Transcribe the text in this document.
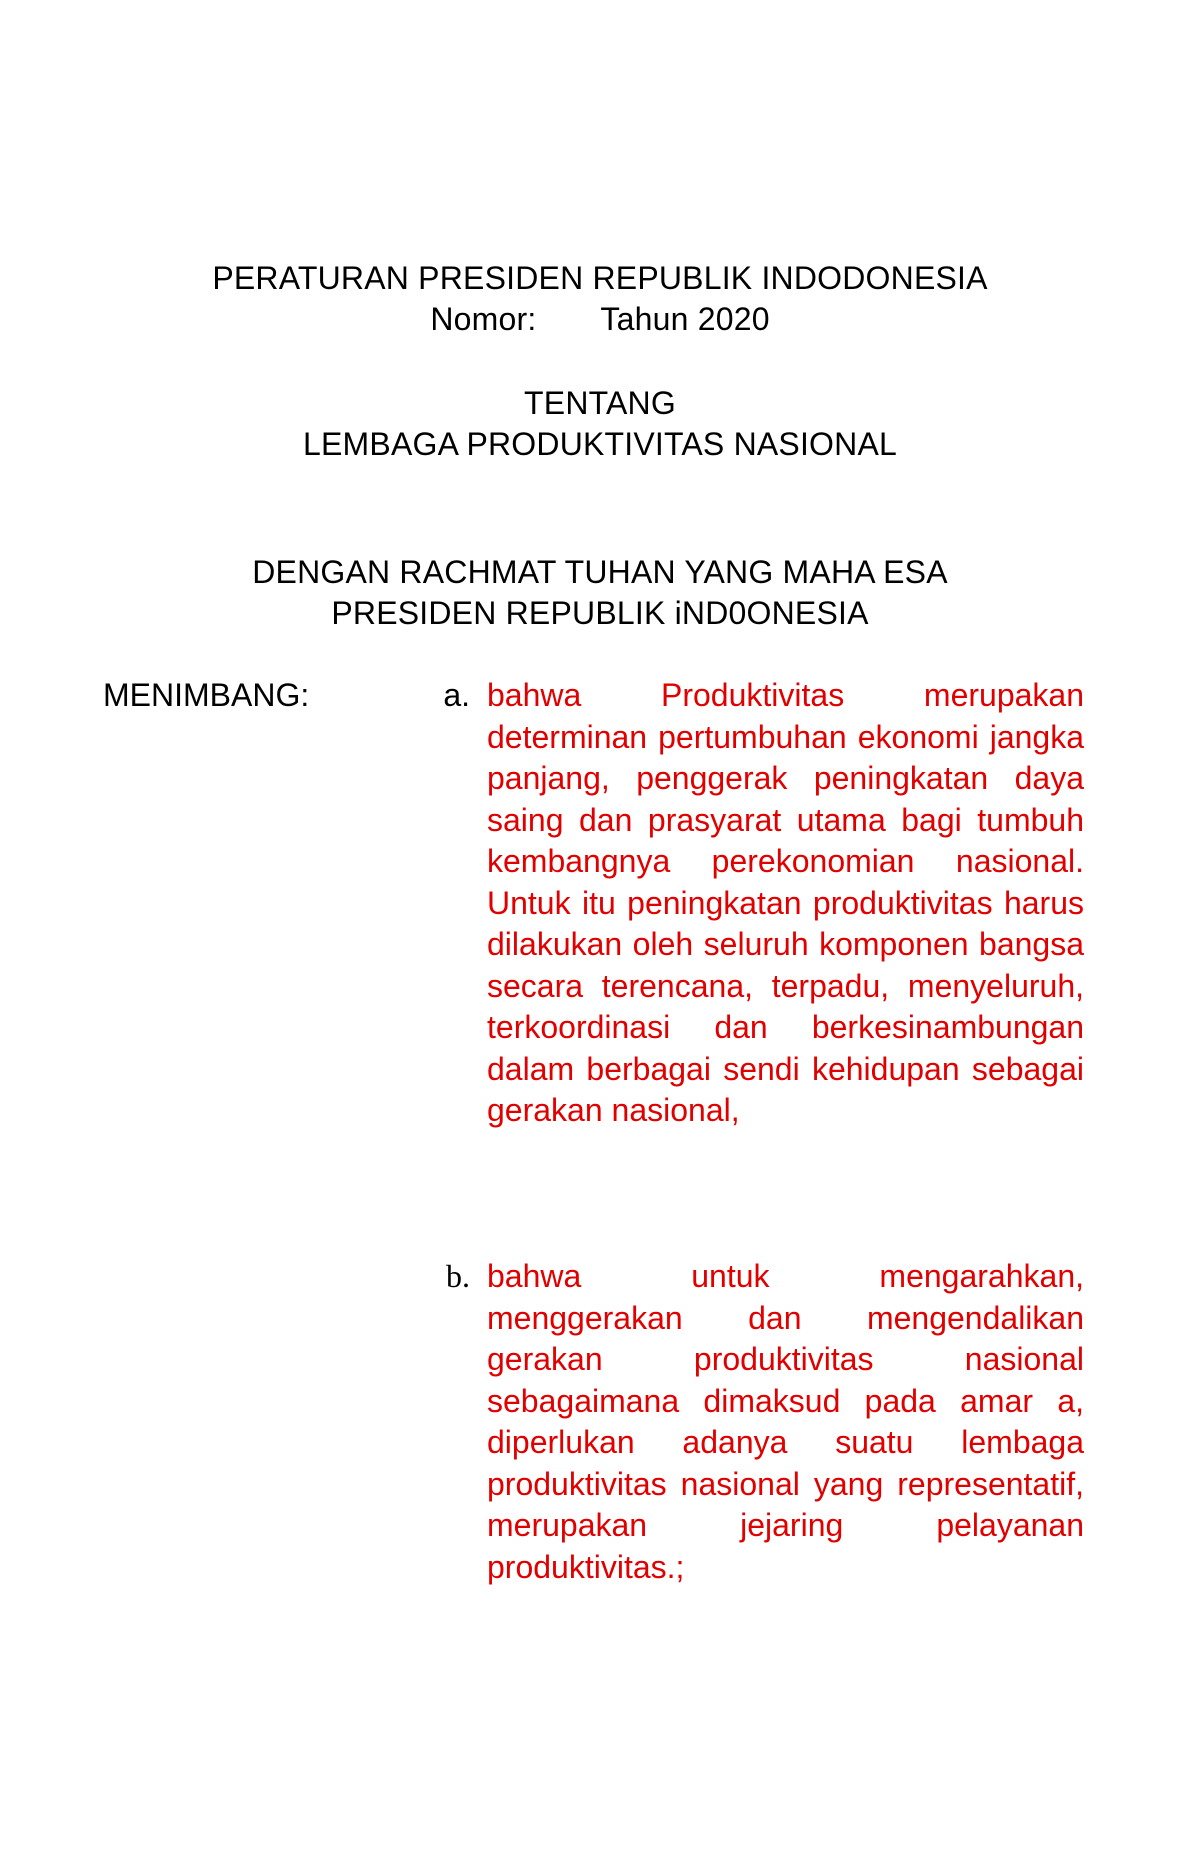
PERATURAN PRESIDEN REPUBLIK INDODONESIA
Nomor: Tahun 2020
TENTANG
LEMBAGA PRODUKTIVITAS NASIONAL
DENGAN RACHMAT TUHAN YANG MAHA ESA
PRESIDEN REPUBLIK iND0ONESIA
MENIMBANG:	a. bahwa Produktivitas merupakan determinan pertumbuhan ekonomi jangka panjang, penggerak peningkatan daya saing dan prasyarat utama bagi tumbuh kembangnya perekonomian nasional. Untuk itu peningkatan produktivitas harus dilakukan oleh seluruh komponen bangsa secara terencana, terpadu, menyeluruh, terkoordinasi dan berkesinambungan dalam berbagai sendi kehidupan sebagai gerakan nasional,
b. bahwa untuk mengarahkan, menggerakan dan mengendalikan gerakan produktivitas nasional sebagaimana dimaksud pada amar a, diperlukan adanya suatu lembaga produktivitas nasional yang representatif, merupakan jejaring pelayanan produktivitas.;
